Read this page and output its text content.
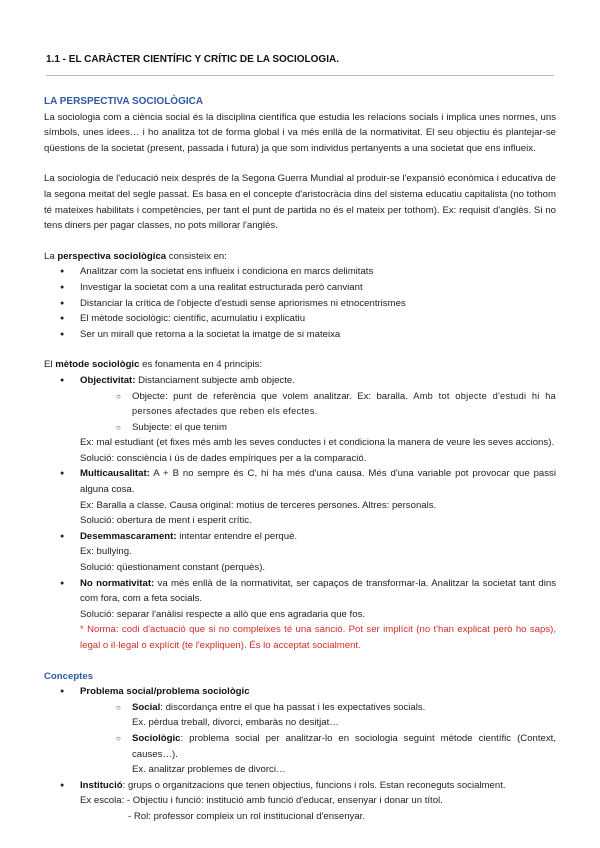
1.1 - EL CARÀCTER CIENTÍFIC Y CRÍTIC DE LA SOCIOLOGIA.
LA PERSPECTIVA SOCIOLÒGICA

La sociologia com a ciència social és la disciplina científica que estudia les relacions socials i implica unes normes, uns símbols, unes idees… i ho analitza tot de forma global i va més enllà de la normativitat. El seu objectiu és plantejar-se qüestions de la societat (present, passada i futura) ja que som individus pertanyents a una societat que ens influeix.

La sociologia de l'educació neix després de la Segona Guerra Mundial al produir-se l'expansió econòmica i educativa de la segona meitat del segle passat. Es basa en el concepte d'aristocràcia dins del sistema educatiu capitalista (no tothom té mateixes habilitats i competències, per tant el punt de partida no és el mateix per tothom). Ex: requisit d'anglès. Si no tens diners per pagar classes, no pots millorar l'anglès.

La perspectiva sociològica consisteix en:

● Analitzar com la societat ens influeix i condiciona en marcs delimitats
● Investigar la societat com a una realitat estructurada però canviant
● Distanciar la crítica de l'objecte d'estudi sense apriorismes ni etnocentrismes
● El mètode sociològic: científic, acumulatiu i explicatiu
● Ser un mirall que retorna a la societat la imatge de si mateixa

El mètode sociològic es fonamenta en 4 principis:

● Objectivitat: Distanciament subjecte amb objecte.
○ Objecte: punt de referència que volem analitzar. Ex: baralla. Amb tot objecte d'estudi hi ha persones afectades que reben els efectes.
○ Subjecte: el que tenim
Ex: mal estudiant (et fixes més amb les seves conductes i et condiciona la manera de veure les seves accions).
Solució: consciència i ús de dades empíriques per a la comparació.
● Multicausalitat: A + B no sempre és C, hi ha més d'una causa. Més d'una variable pot provocar que passi alguna cosa.
Ex: Baralla a classe. Causa original: motius de terceres persones. Altres: personals.
Solució: obertura de ment i esperit crític.
● Desemmascarament: intentar entendre el perquè.
Ex: bullying.
Solució: qüestionament constant (perquès).
● No normativitat: va més enllà de la normativitat, ser capaços de transformar-la. Analitzar la societat tant dins com fora, com a feta socials.
Solució: separar l'anàlisi respecte a allò que ens agradaria que fos.
* Norma: codi d'actuació que si no compleixes té una sanció. Pot ser implícit (no t'han explicat però ho saps), legal o il·legal o explícit (te l'expliquen). És lo acceptat socialment.
Conceptes
● Problema social/problema sociològic
○ Social: discordança entre el que ha passat i les expectatives socials.
Ex. pèrdua treball, divorci, embaràs no desitjat…
○ Sociològic: problema social per analitzar-lo en sociologia seguint mètode científic (Context, causes…).
Ex. analitzar problemes de divorci…
● Institució: grups o organitzacions que tenen objectius, funcions i rols. Estan reconeguts socialment.
Ex escola: - Objectiu i funció: institució amb funció d'educar, ensenyar i donar un títol.
- Rol: professor compleix un rol institucional d'ensenyar.
